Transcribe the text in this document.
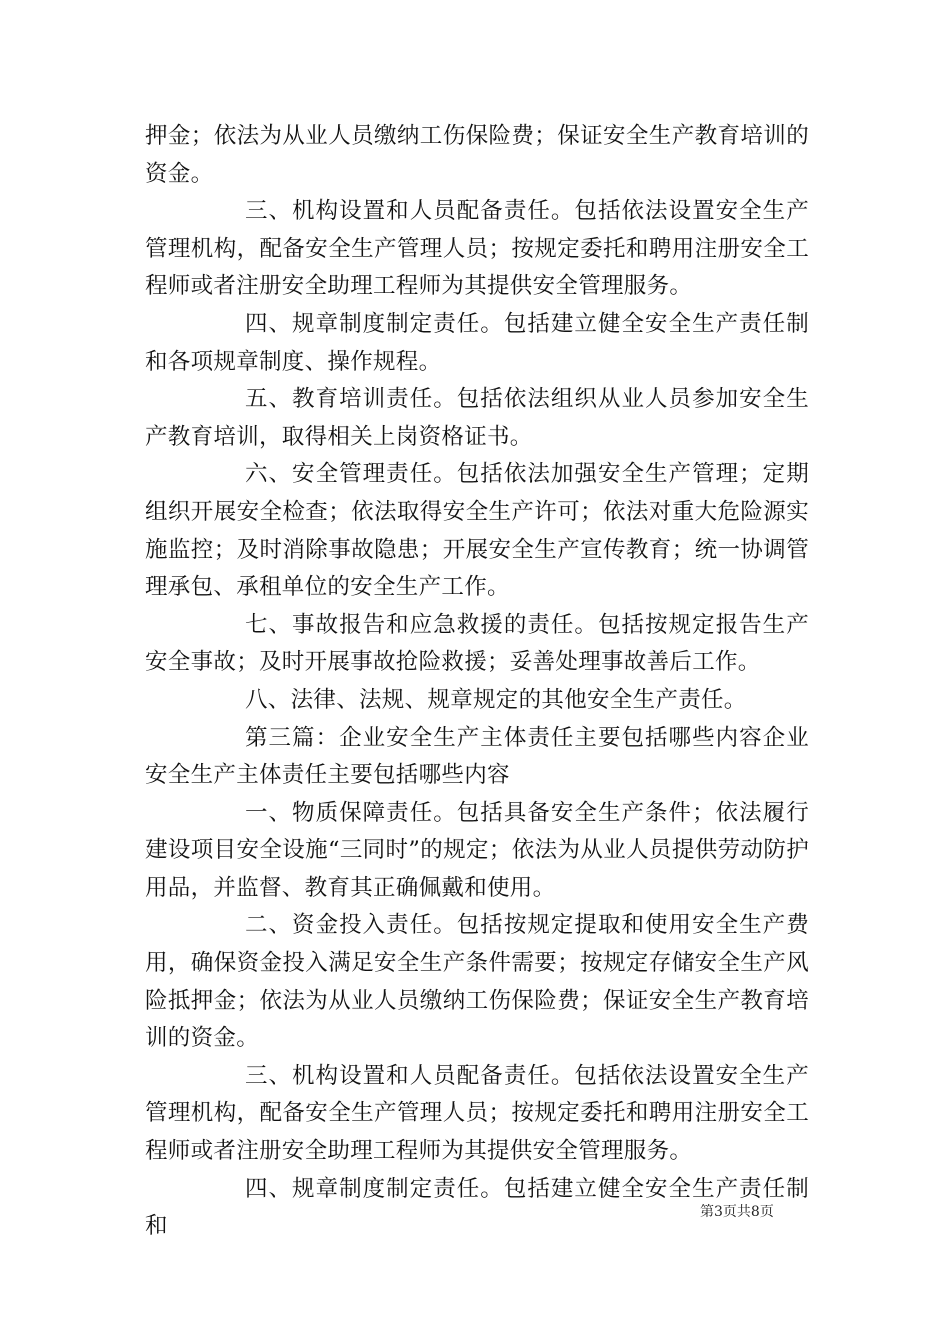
押金；依法为从业人员缴纳工伤保险费；保证安全生产教育培训的资金。

三、机构设置和人员配备责任。包括依法设置安全生产管理机构，配备安全生产管理人员；按规定委托和聘用注册安全工程师或者注册安全助理工程师为其提供安全管理服务。

四、规章制度制定责任。包括建立健全安全生产责任制和各项规章制度、操作规程。

五、教育培训责任。包括依法组织从业人员参加安全生产教育培训，取得相关上岗资格证书。

六、安全管理责任。包括依法加强安全生产管理；定期组织开展安全检查；依法取得安全生产许可；依法对重大危险源实施监控；及时消除事故隐患；开展安全生产宣传教育；统一协调管理承包、承租单位的安全生产工作。

七、事故报告和应急救援的责任。包括按规定报告生产安全事故；及时开展事故抢险救援；妥善处理事故善后工作。

八、法律、法规、规章规定的其他安全生产责任。

第三篇：企业安全生产主体责任主要包括哪些内容企业安全生产主体责任主要包括哪些内容

一、物质保障责任。包括具备安全生产条件；依法履行建设项目安全设施“三同时”的规定；依法为从业人员提供劳动防护用品，并监督、教育其正确佩戴和使用。

二、资金投入责任。包括按规定提取和使用安全生产费用，确保资金投入满足安全生产条件需要；按规定存储安全生产风险抵押金；依法为从业人员缴纳工伤保险费；保证安全生产教育培训的资金。

三、机构设置和人员配备责任。包括依法设置安全生产管理机构，配备安全生产管理人员；按规定委托和聘用注册安全工程师或者注册安全助理工程师为其提供安全管理服务。

四、规章制度制定责任。包括建立健全安全生产责任制和

第3页共8页
